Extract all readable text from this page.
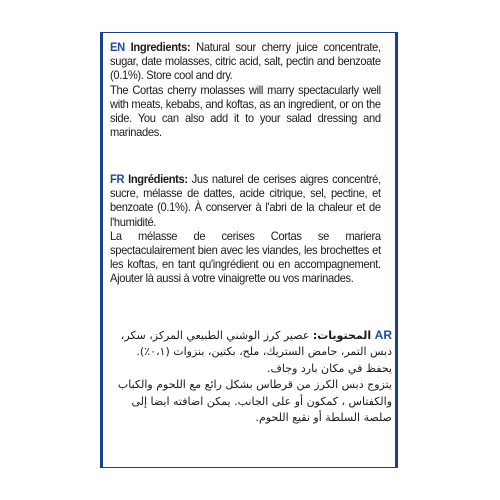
EN Ingredients: Natural sour cherry juice concentrate, sugar, date molasses, citric acid, salt, pectin and benzoate (0.1%). Store cool and dry.

The Cortas cherry molasses will marry spectacularly well with meats, kebabs, and koftas, as an ingredient, or on the side. You can also add it to your salad dressing and marinades.

FR Ingrédients: Jus naturel de cerises aigres concentré, sucre, mélasse de dattes, acide citrique, sel, pectine, et benzoate (0.1%). À conserver à l'abri de la chaleur et de l'humidité.

La mélasse de cerises Cortas se mariera spectaculairement bien avec les viandes, les brochettes et les koftas, en tant qu'ingrédient ou en accompagnement. Ajouter là aussi à votre vinaigrette ou vos marinades.

AR المحتويات: عصير كرز الوشني الطبيعي المركز، سكر، دبس التمر، حامض الستريك، ملح، بكتين، بنزوات (٠،١٪). يحفظ في مكان بارد وجاف.

يتزوج دبس الكرز من قرطاس بشكل رائع مع اللحوم والكباب والكفتاس ، كمكون أو على الجانب. يمكن اضافته ايضا إلى صلصة السلطة أو نقيع اللحوم.
